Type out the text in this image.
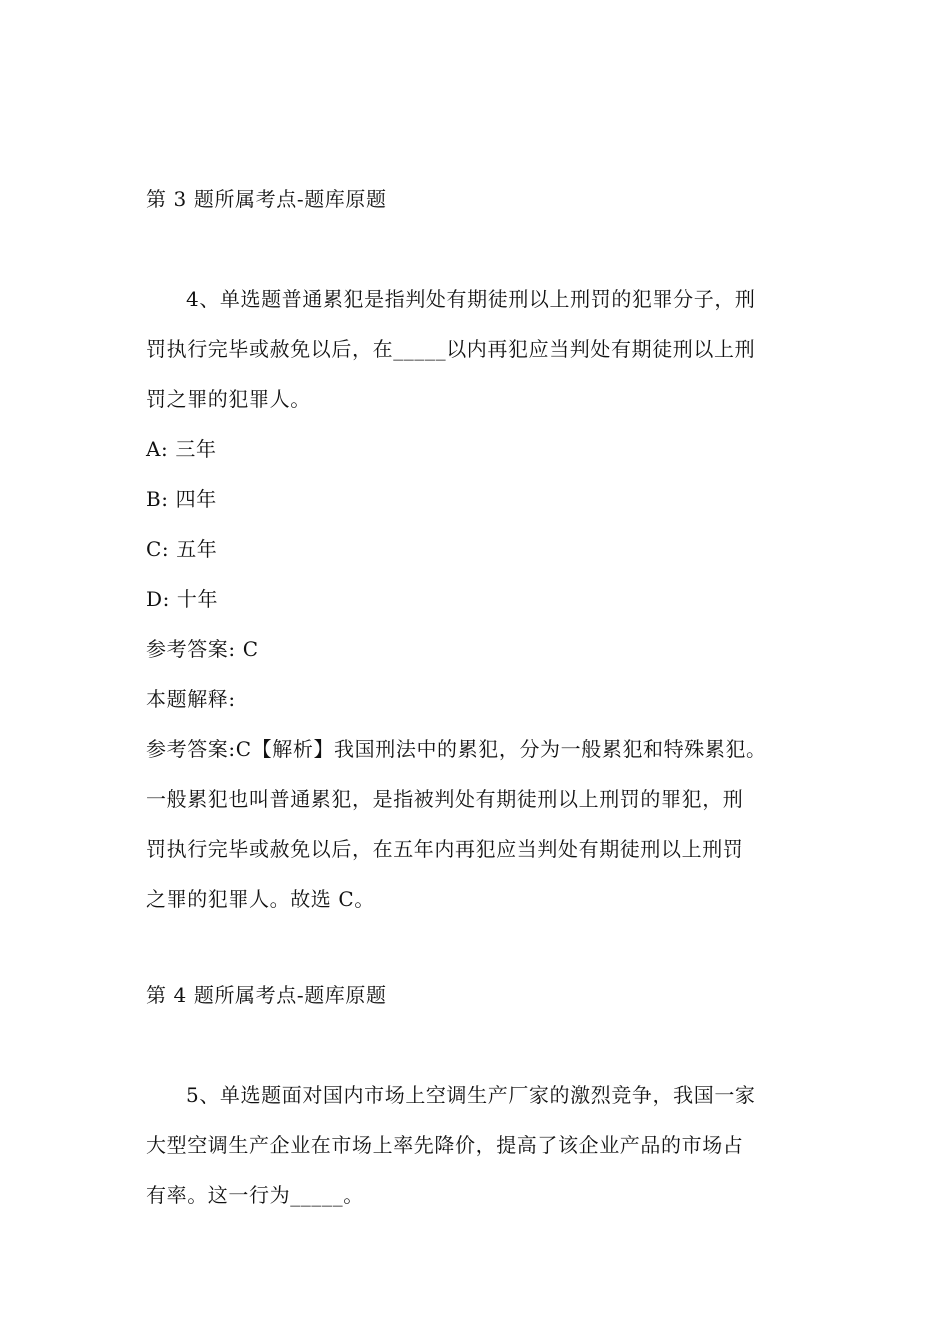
第 3 题所属考点-题库原题
4、单选题普通累犯是指判处有期徒刑以上刑罚的犯罪分子，刑
罚执行完毕或赦免以后，在_____以内再犯应当判处有期徒刑以上刑
罚之罪的犯罪人。
A: 三年
B: 四年
C: 五年
D: 十年
参考答案: C
本题解释:
参考答案:C【解析】我国刑法中的累犯，分为一般累犯和特殊累犯。
一般累犯也叫普通累犯，是指被判处有期徒刑以上刑罚的罪犯，刑
罚执行完毕或赦免以后，在五年内再犯应当判处有期徒刑以上刑罚
之罪的犯罪人。故选 C。
第 4 题所属考点-题库原题
5、单选题面对国内市场上空调生产厂家的激烈竞争，我国一家
大型空调生产企业在市场上率先降价，提高了该企业产品的市场占
有率。这一行为_____。
